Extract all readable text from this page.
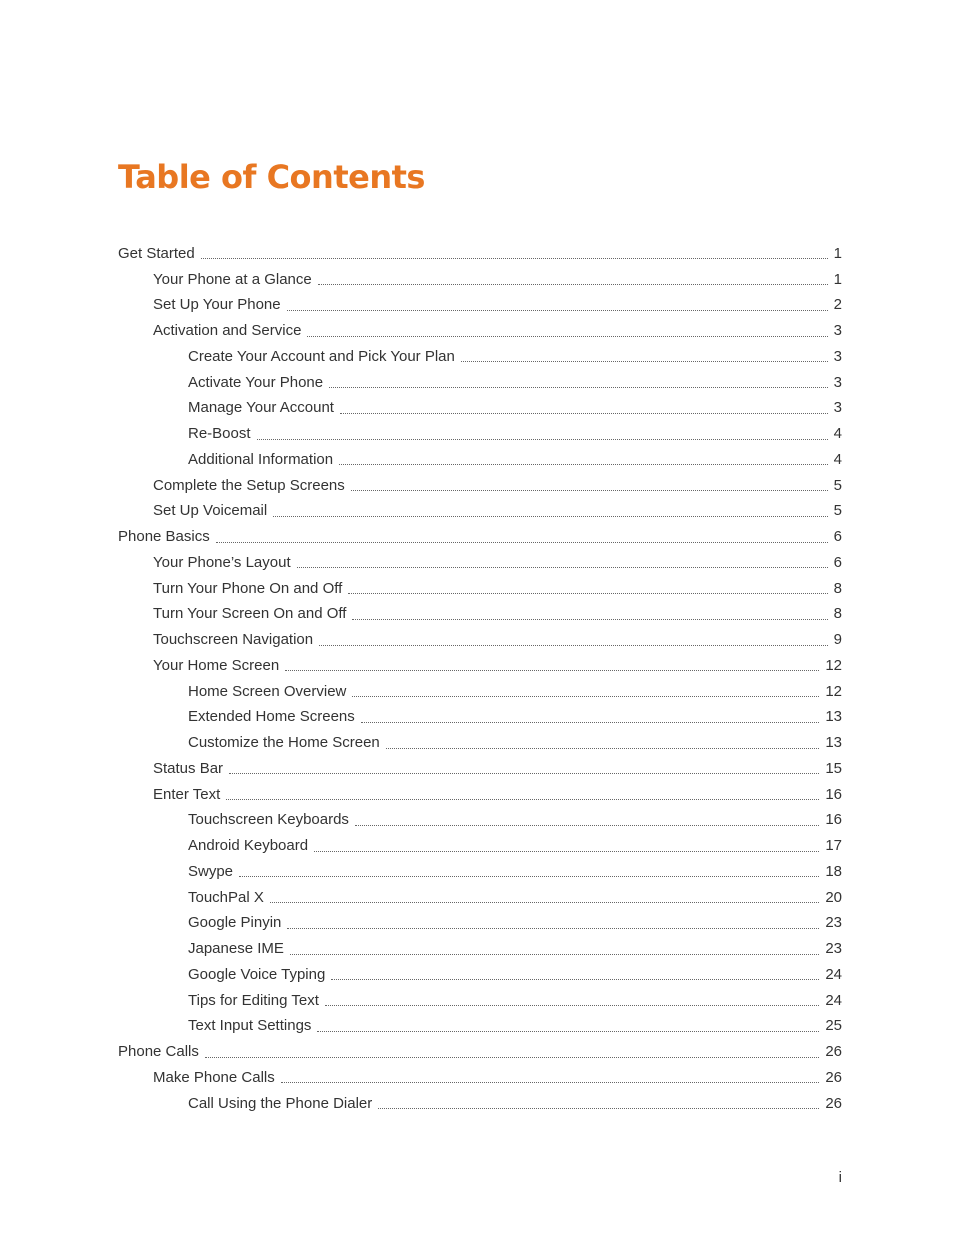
Table of Contents
Get Started	1
Your Phone at a Glance	1
Set Up Your Phone	2
Activation and Service	3
Create Your Account and Pick Your Plan	3
Activate Your Phone	3
Manage Your Account	3
Re-Boost	4
Additional Information	4
Complete the Setup Screens	5
Set Up Voicemail	5
Phone Basics	6
Your Phone’s Layout	6
Turn Your Phone On and Off	8
Turn Your Screen On and Off	8
Touchscreen Navigation	9
Your Home Screen	12
Home Screen Overview	12
Extended Home Screens	13
Customize the Home Screen	13
Status Bar	15
Enter Text	16
Touchscreen Keyboards	16
Android Keyboard	17
Swype	18
TouchPal X	20
Google Pinyin	23
Japanese IME	23
Google Voice Typing	24
Tips for Editing Text	24
Text Input Settings	25
Phone Calls	26
Make Phone Calls	26
Call Using the Phone Dialer	26
i
